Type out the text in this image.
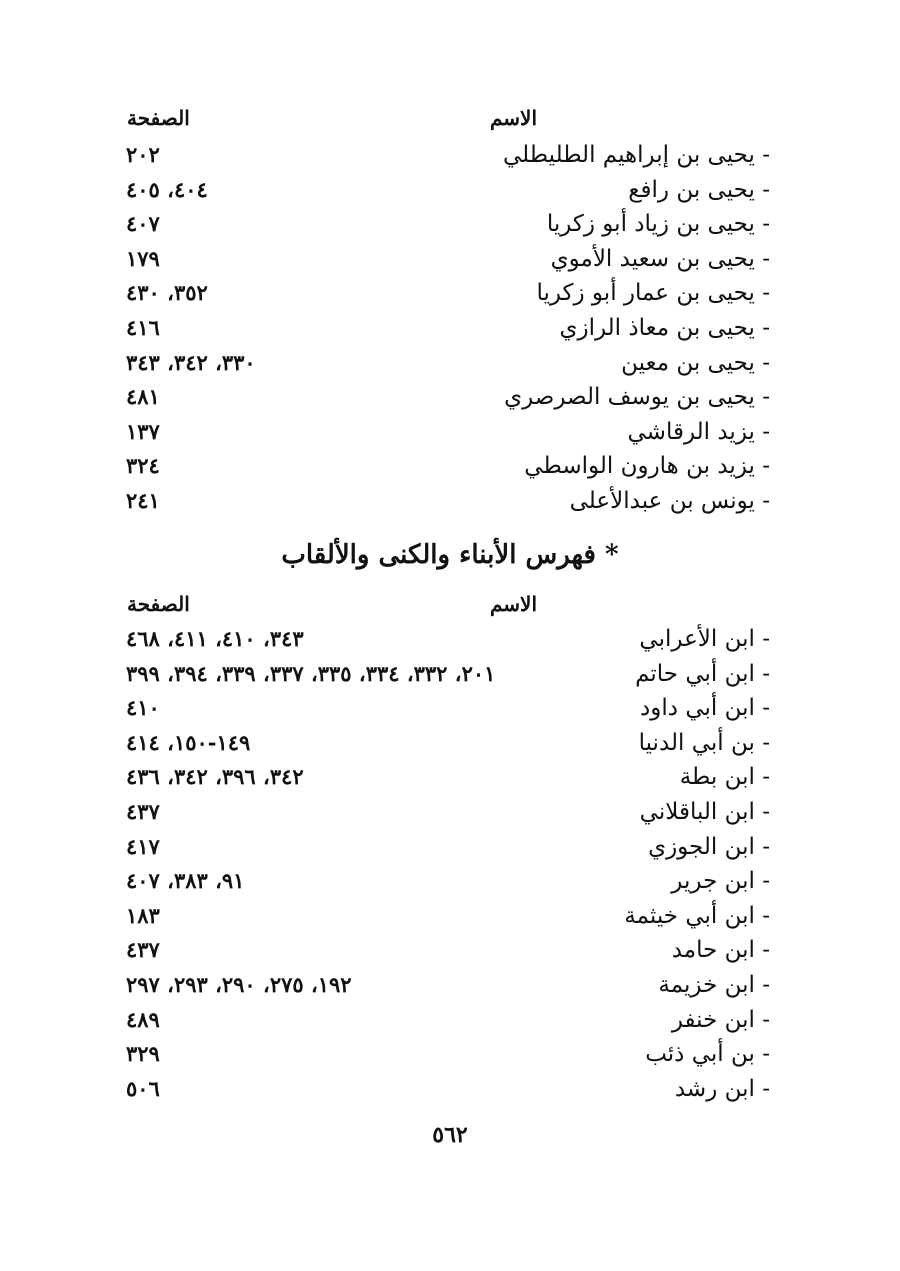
الاسم
الصفحة
- يحيى بن إبراهيم الطليطلي
٢٠٢
- يحيى بن رافع
٤٠٤، ٤٠٥
- يحيى بن زياد أبو زكريا
٤٠٧
- يحيى بن سعيد الأموي
١٧٩
- يحيى بن عمار أبو زكريا
٣٥٢، ٤٣٠
- يحيى بن معاذ الرازي
٤١٦
- يحيى بن معين
٣٣٠، ٣٤٢، ٣٤٣
- يحيى بن يوسف الصرصري
٤٨١
- يزيد الرقاشي
١٣٧
- يزيد بن هارون الواسطي
٣٢٤
- يونس بن عبدالأعلى
٢٤١
* فهرس الأبناء والكنى والألقاب
الاسم
الصفحة
- ابن الأعرابي
٣٤٣، ٤١٠، ٤١١، ٤٦٨
- ابن أبي حاتم
٢٠١، ٣٣٢، ٣٣٤، ٣٣٥، ٣٣٧، ٣٣٩، ٣٩٤، ٣٩٩
- ابن أبي داود
٤١٠
- بن أبي الدنيا
١٤٩-١٥٠، ٤١٤
- ابن بطة
٣٤٢، ٣٩٦، ٣٤٢، ٤٣٦
- ابن الباقلاني
٤٣٧
- ابن الجوزي
٤١٧
- ابن جرير
٩١، ٣٨٣، ٤٠٧
- ابن أبي خيثمة
١٨٣
- ابن حامد
٤٣٧
- ابن خزيمة
١٩٢، ٢٧٥، ٢٩٠، ٢٩٣، ٢٩٧
- ابن خنفر
٤٨٩
- بن أبي ذئب
٣٢٩
- ابن رشد
٥٠٦
٥٦٢
